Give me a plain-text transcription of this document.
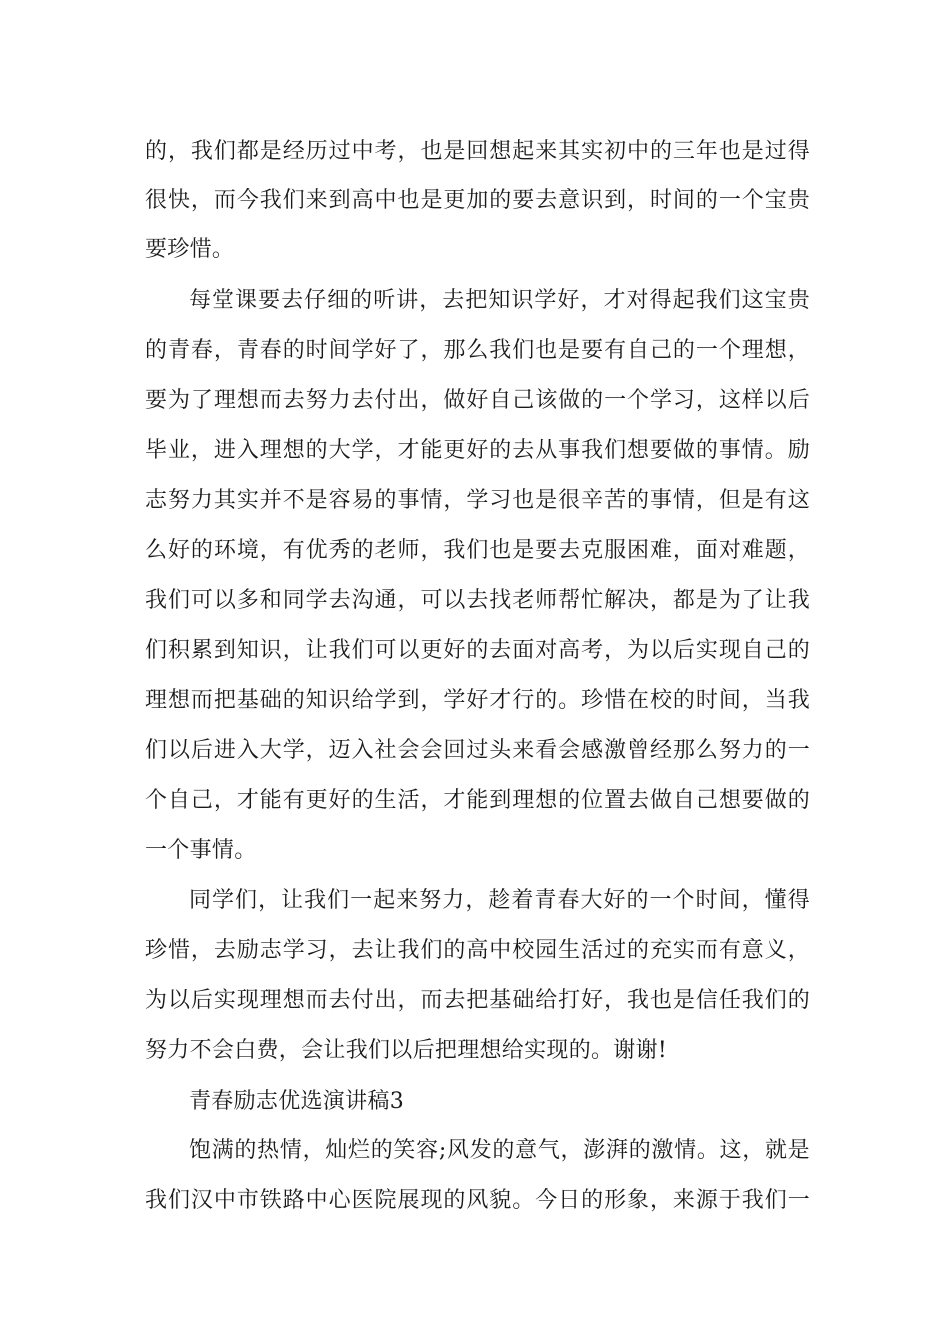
的，我们都是经历过中考，也是回想起来其实初中的三年也是过得
很快，而今我们来到高中也是更加的要去意识到，时间的一个宝贵
要珍惜。
每堂课要去仔细的听讲，去把知识学好，才对得起我们这宝贵
的青春，青春的时间学好了，那么我们也是要有自己的一个理想，
要为了理想而去努力去付出，做好自己该做的一个学习，这样以后
毕业，进入理想的大学，才能更好的去从事我们想要做的事情。励
志努力其实并不是容易的事情，学习也是很辛苦的事情，但是有这
么好的环境，有优秀的老师，我们也是要去克服困难，面对难题，
我们可以多和同学去沟通，可以去找老师帮忙解决，都是为了让我
们积累到知识，让我们可以更好的去面对高考，为以后实现自己的
理想而把基础的知识给学到，学好才行的。珍惜在校的时间，当我
们以后进入大学，迈入社会会回过头来看会感激曾经那么努力的一
个自己，才能有更好的生活，才能到理想的位置去做自己想要做的
一个事情。
同学们，让我们一起来努力，趁着青春大好的一个时间，懂得
珍惜，去励志学习，去让我们的高中校园生活过的充实而有意义，
为以后实现理想而去付出，而去把基础给打好，我也是信任我们的
努力不会白费，会让我们以后把理想给实现的。谢谢!
青春励志优选演讲稿3
饱满的热情，灿烂的笑容;风发的意气，澎湃的激情。这，就是
我们汉中市铁路中心医院展现的风貌。今日的形象，来源于我们一
